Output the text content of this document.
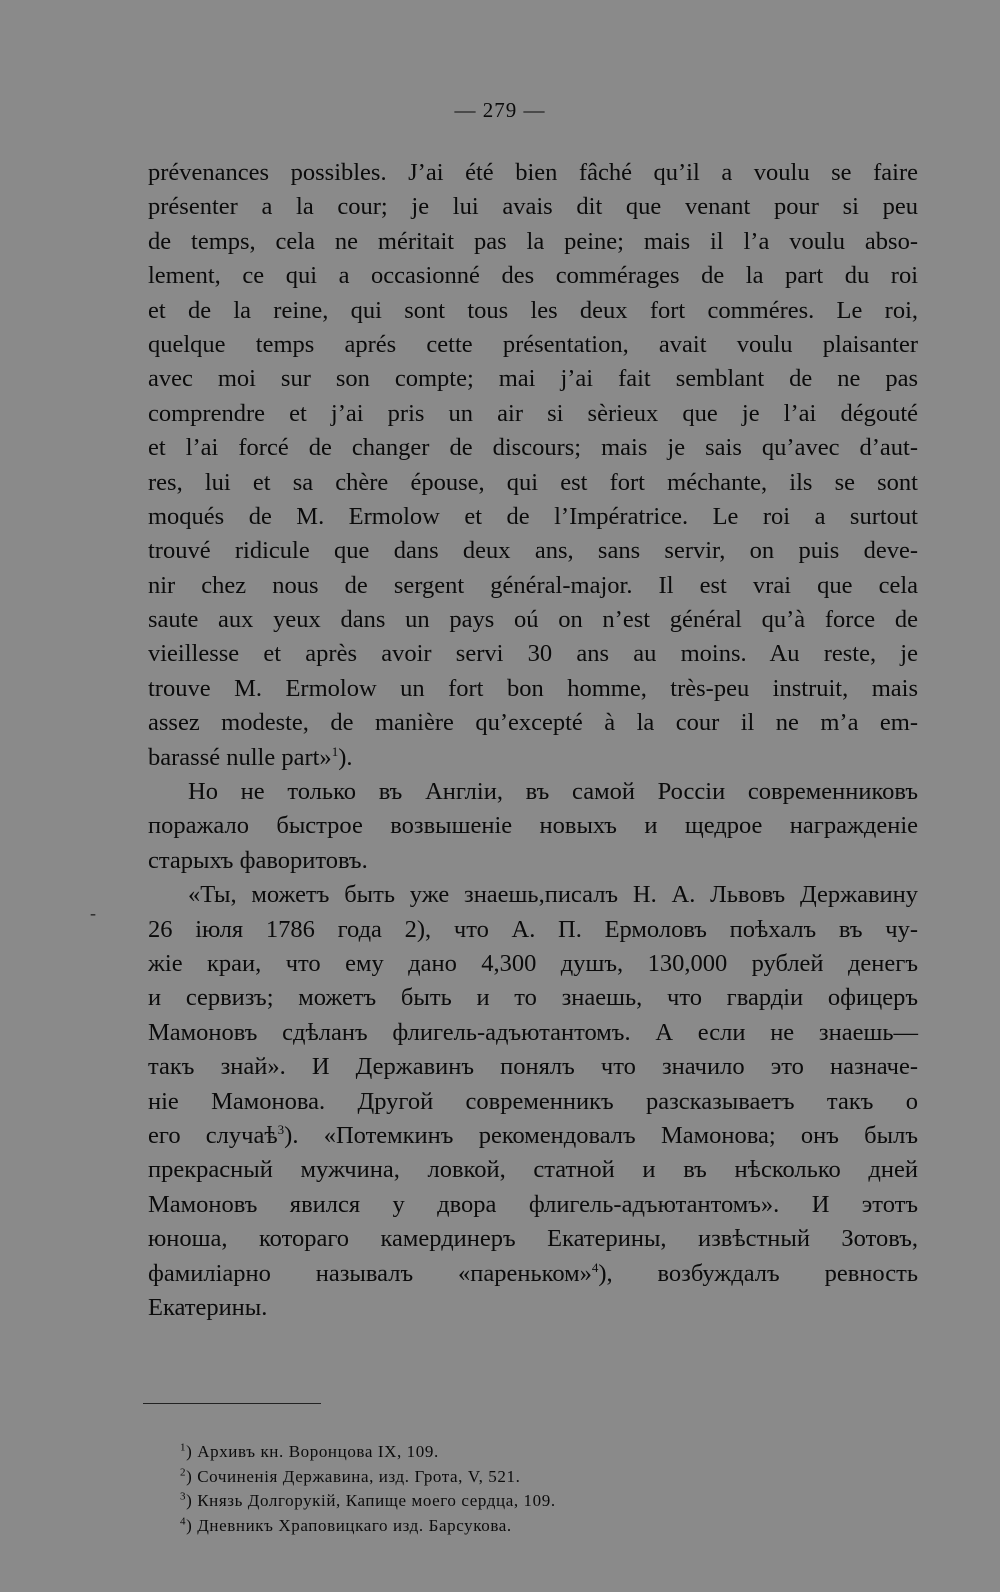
— 279 —
prévenances possibles. J’ai été bien fâché qu’il a voulu se faire
présenter a la cour; je lui avais dit que venant pour si peu
de temps, cela ne méritait pas la peine; mais il l’a voulu abso-
lement, ce qui a occasionné des commérages de la part du roi
et de la reine, qui sont tous les deux fort comméres. Le roi,
quelque temps aprés cette présentation, avait voulu plaisanter
avec moi sur son compte; mai j’ai fait semblant de ne pas
comprendre et j’ai pris un air si sèrieux que je l’ai dégouté
et l’ai forcé de changer de discours; mais je sais qu’avec d’aut-
res, lui et sa chère épouse, qui est fort méchante, ils se sont
moqués de M. Ermolow et de l’Impératrice. Le roi a surtout
trouvé ridicule que dans deux ans, sans servir, on puis deve-
nir chez nous de sergent général-major. Il est vrai que cela
saute aux yeux dans un pays oú on n’est général qu’à force de
vieillesse et après avoir servi 30 ans au moins. Au reste, je
trouve M. Ermolow un fort bon homme, très-peu instruit, mais
assez modeste, de manière qu’excepté à la cour il ne m’a em-
barassé nulle part»$^1$).
Но не только въ Англіи, въ самой Россіи современниковъ
поражало быстрое возвышеніе новыхъ и щедрое награжденіе
старыхъ фаворитовъ.
«Ты, можетъ быть уже знаешь,писалъ Н. А. Львовъ Державину
26 іюля 1786 года 2), что А. П. Ермоловъ поѣхалъ въ чу-
жіе краи, что ему дано 4,300 душъ, 130,000 рублей денегъ
и сервизъ; можетъ быть и то знаешь, что гвардіи офицеръ
Мамоновъ сдѣланъ флигель-адъютантомъ. А если не знаешь—
такъ знай». И Державинъ понялъ что значило это назначе-
ніе Мамонова. Другой современникъ разсказываетъ такъ о
его случаѣ$^3$). «Потемкинъ рекомендовалъ Мамонова; онъ былъ
прекрасный мужчина, ловкой, статной и въ нѣсколько дней
Мамоновъ явился у двора флигель-адъютантомъ». И этотъ
юноша, котораго камердинеръ Екатерины, извѣстный Зотовъ,
фамиліарно называлъ «пареньком»$^4$), возбуждалъ ревность
Екатерины.
-
$^1$) Архивъ кн. Воронцова IX, 109.
$^2$) Сочиненія Державина, изд. Грота, V, 521.
$^3$) Князь Долгорукій, Капище моего сердца, 109.
$^4$) Дневникъ Храповицкаго изд. Барсукова.
